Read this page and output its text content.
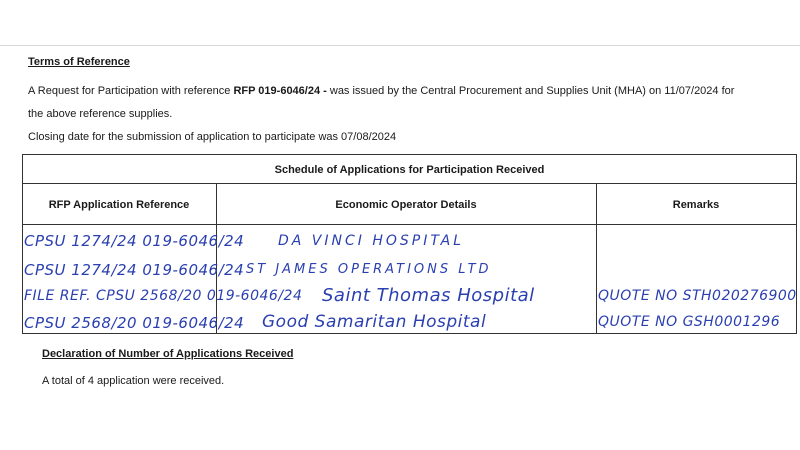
Terms of Reference
A Request for Participation with reference RFP 019-6046/24 - was issued by the Central Procurement and Supplies Unit (MHA) on 11/07/2024 for
the above reference supplies.
Closing date for the submission of application to participate was 07/08/2024
Schedule of Applications for Participation Received
RFP Application Reference	Economic Operator Details	Remarks
CPSU 1274/24 019-6046/24 DA VINCI HOSPITAL
CPSU 1274/24 019-6046/24 ST JAMES OPERATIONS LTD
FILE REF. CPSU 2568/20 019-6046/24 Saint Thomas Hospital	QUOTE NO STH020276900
CPSU 2568/20 019-6046/24 Good Samaritan Hospital	QUOTE NO GSH0001296
Declaration of Number of Applications Received
A total of 4 application were received.
